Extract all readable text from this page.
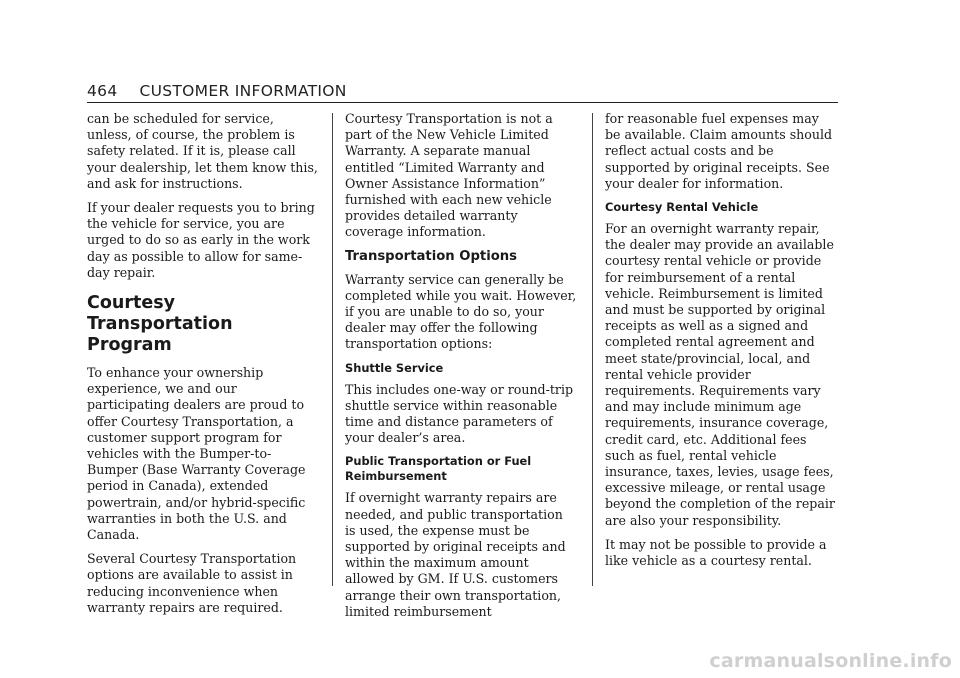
464 CUSTOMER INFORMATION

can be scheduled for service, unless, of course, the problem is safety related. If it is, please call your dealership, let them know this, and ask for instructions.

If your dealer requests you to bring the vehicle for service, you are urged to do so as early in the work day as possible to allow for same-day repair.

Courtesy Transportation Program

To enhance your ownership experience, we and our participating dealers are proud to offer Courtesy Transportation, a customer support program for vehicles with the Bumper-to-Bumper (Base Warranty Coverage period in Canada), extended powertrain, and/or hybrid-specific warranties in both the U.S. and Canada.

Several Courtesy Transportation options are available to assist in reducing inconvenience when warranty repairs are required.

Courtesy Transportation is not a part of the New Vehicle Limited Warranty. A separate manual entitled “Limited Warranty and Owner Assistance Information” furnished with each new vehicle provides detailed warranty coverage information.

Transportation Options

Warranty service can generally be completed while you wait. However, if you are unable to do so, your dealer may offer the following transportation options:

Shuttle Service

This includes one-way or round-trip shuttle service within reasonable time and distance parameters of your dealer’s area.

Public Transportation or Fuel Reimbursement

If overnight warranty repairs are needed, and public transportation is used, the expense must be supported by original receipts and within the maximum amount allowed by GM. If U.S. customers arrange their own transportation, limited reimbursement

for reasonable fuel expenses may be available. Claim amounts should reflect actual costs and be supported by original receipts. See your dealer for information.

Courtesy Rental Vehicle

For an overnight warranty repair, the dealer may provide an available courtesy rental vehicle or provide for reimbursement of a rental vehicle. Reimbursement is limited and must be supported by original receipts as well as a signed and completed rental agreement and meet state/provincial, local, and rental vehicle provider requirements. Requirements vary and may include minimum age requirements, insurance coverage, credit card, etc. Additional fees such as fuel, rental vehicle insurance, taxes, levies, usage fees, excessive mileage, or rental usage beyond the completion of the repair are also your responsibility.

It may not be possible to provide a like vehicle as a courtesy rental.

carmanualsonline.info
